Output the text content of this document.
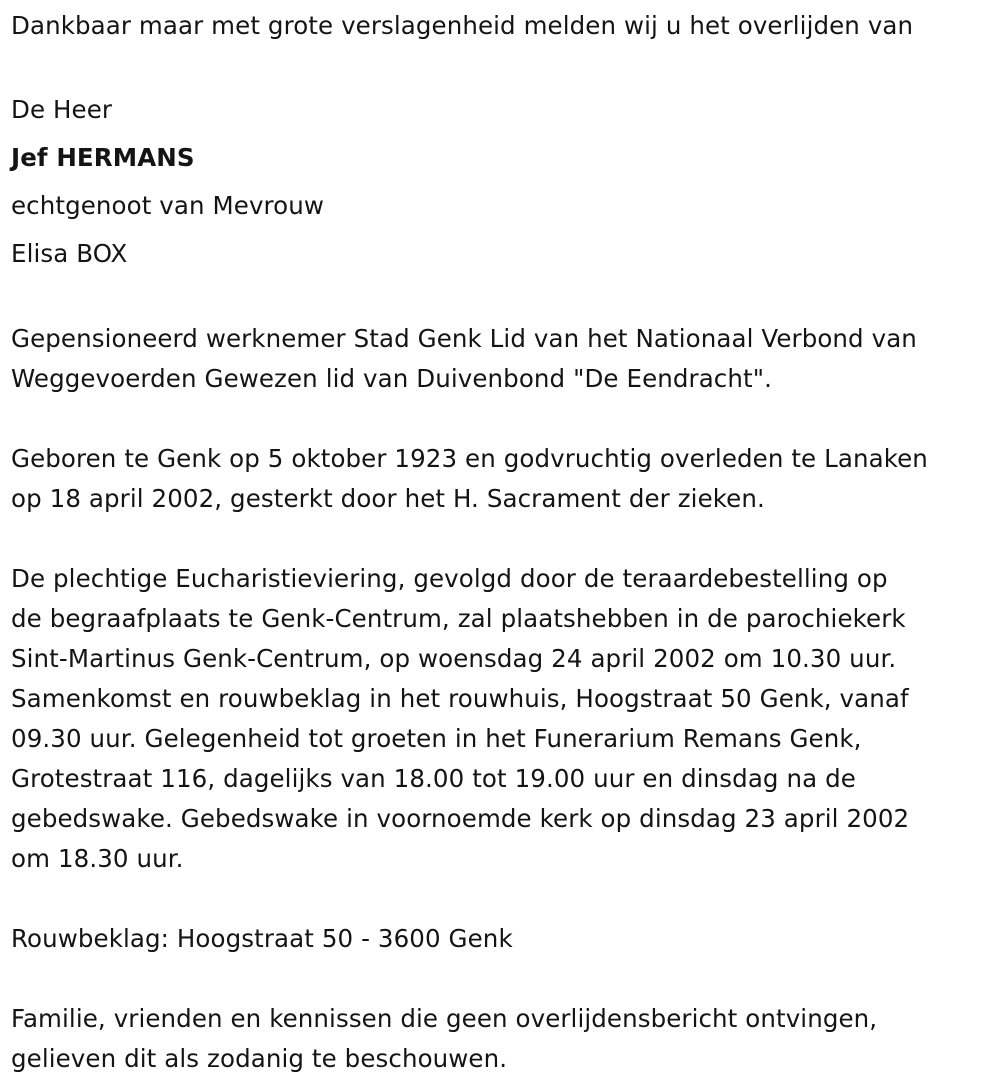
Dankbaar maar met grote verslagenheid melden wij u het overlijden van

De Heer

Jef HERMANS

echtgenoot van Mevrouw

Elisa BOX

Gepensioneerd werknemer Stad Genk Lid van het Nationaal Verbond van
Weggevoerden Gewezen lid van Duivenbond "De Eendracht".

Geboren te Genk op 5 oktober 1923 en godvruchtig overleden te Lanaken
op 18 april 2002, gesterkt door het H. Sacrament der zieken.

De plechtige Eucharistieviering, gevolgd door de teraardebestelling op
de begraafplaats te Genk-Centrum, zal plaatshebben in de parochiekerk
Sint-Martinus Genk-Centrum, op woensdag 24 april 2002 om 10.30 uur.
Samenkomst en rouwbeklag in het rouwhuis, Hoogstraat 50 Genk, vanaf
09.30 uur. Gelegenheid tot groeten in het Funerarium Remans Genk,
Grotestraat 116, dagelijks van 18.00 tot 19.00 uur en dinsdag na de
gebedswake. Gebedswake in voornoemde kerk op dinsdag 23 april 2002
om 18.30 uur.

Rouwbeklag: Hoogstraat 50 - 3600 Genk

Familie, vrienden en kennissen die geen overlijdensbericht ontvingen,
gelieven dit als zodanig te beschouwen.
